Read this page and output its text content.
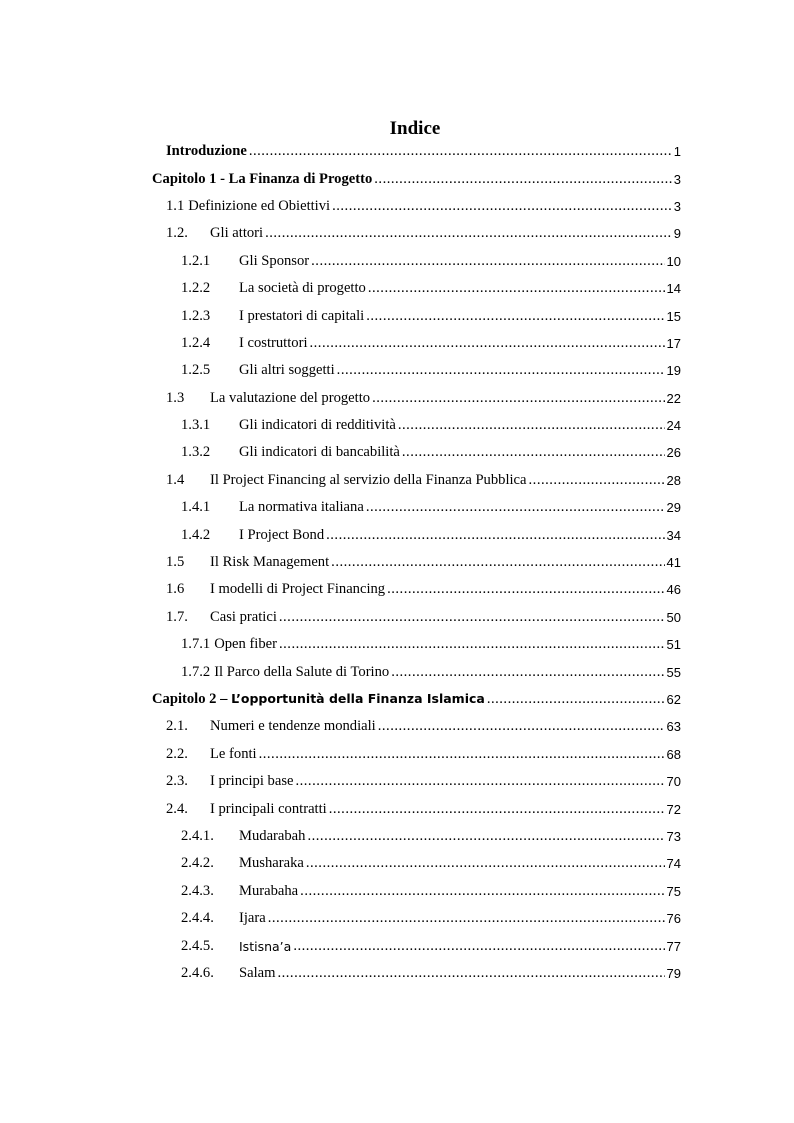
Indice
Introduzione .....	1
Capitolo 1 - La Finanza di Progetto .....	3
1.1 Definizione ed Obiettivi .....	3
1.2.	Gli attori .....	9
1.2.1	Gli Sponsor .....	10
1.2.2	La società di progetto .....	14
1.2.3	I prestatori di capitali .....	15
1.2.4	I costruttori .....	17
1.2.5	Gli altri soggetti .....	19
1.3	La valutazione del progetto .....	22
1.3.1	Gli indicatori di redditività .....	24
1.3.2	Gli indicatori di bancabilità .....	26
1.4	Il Project Financing al servizio della Finanza Pubblica .....	28
1.4.1	La normativa italiana .....	29
1.4.2	I Project Bond .....	34
1.5	Il Risk Management .....	41
1.6	I modelli di Project Financing .....	46
1.7.	Casi pratici .....	50
1.7.1 Open fiber .....	51
1.7.2 Il Parco della Salute di Torino .....	55
Capitolo 2 – L’opportunità della Finanza Islamica .....	62
2.1.	Numeri e tendenze mondiali .....	63
2.2.	Le fonti .....	68
2.3.	I principi base .....	70
2.4.	I principali contratti .....	72
2.4.1.	Mudarabah .....	73
2.4.2.	Musharaka .....	74
2.4.3.	Murabaha .....	75
2.4.4.	Ijara .....	76
2.4.5.	Istisna’a .....	77
2.4.6.	Salam .....	79
